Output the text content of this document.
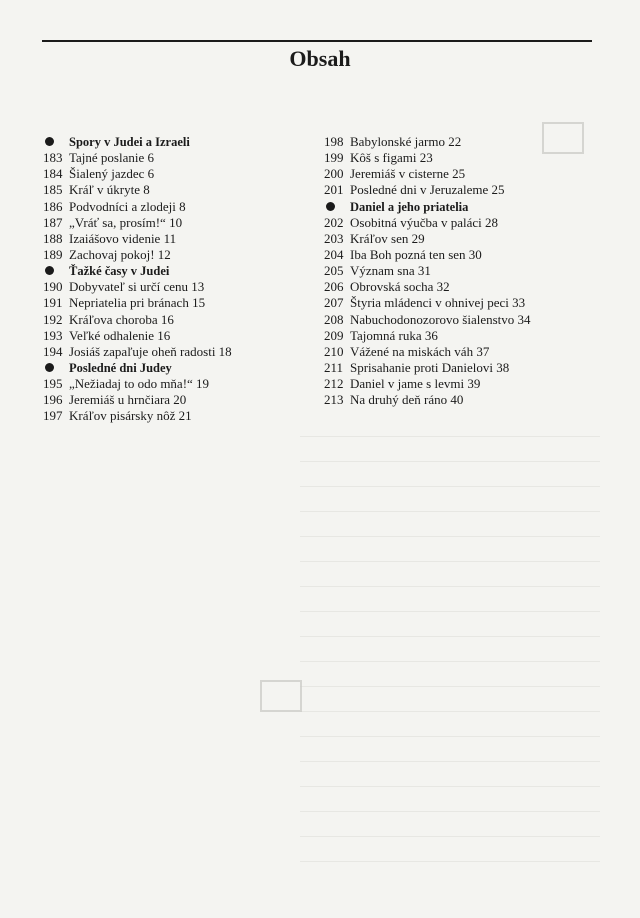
Obsah
Spory v Judei a Izraeli
183 Tajné poslanie 6
184 Šialený jazdec 6
185 Kráľ v úkryte 8
186 Podvodníci a zlodeji 8
187 „Vráť sa, prosím!“ 10
188 Izaiášovo videnie 11
189 Zachovaj pokoj! 12
Ťažké časy v Judei
190 Dobyvateľ si určí cenu 13
191 Nepriatelia pri bránach 15
192 Kráľova choroba 16
193 Veľké odhalenie 16
194 Josiáš zapaľuje oheň radosti 18
Posledné dni Judey
195 „Nežiadaj to odo mňa!“ 19
196 Jeremiáš u hrnčiara 20
197 Kráľov pisársky nôž 21
198 Babylonské jarmo 22
199 Kôš s figami 23
200 Jeremiáš v cisterne 25
201 Posledné dni v Jeruzaleme 25
Daniel a jeho priatelia
202 Osobitná výučba v paláci 28
203 Kráľov sen 29
204 Iba Boh pozná ten sen 30
205 Význam sna 31
206 Obrovská socha 32
207 Štyria mládenci v ohnivej peci 33
208 Nabuchodonozorovo šialenstvo 34
209 Tajomná ruka 36
210 Vážené na miskách váh 37
211 Sprisahanie proti Danielovi 38
212 Daniel v jame s levmi 39
213 Na druhý deň ráno 40
